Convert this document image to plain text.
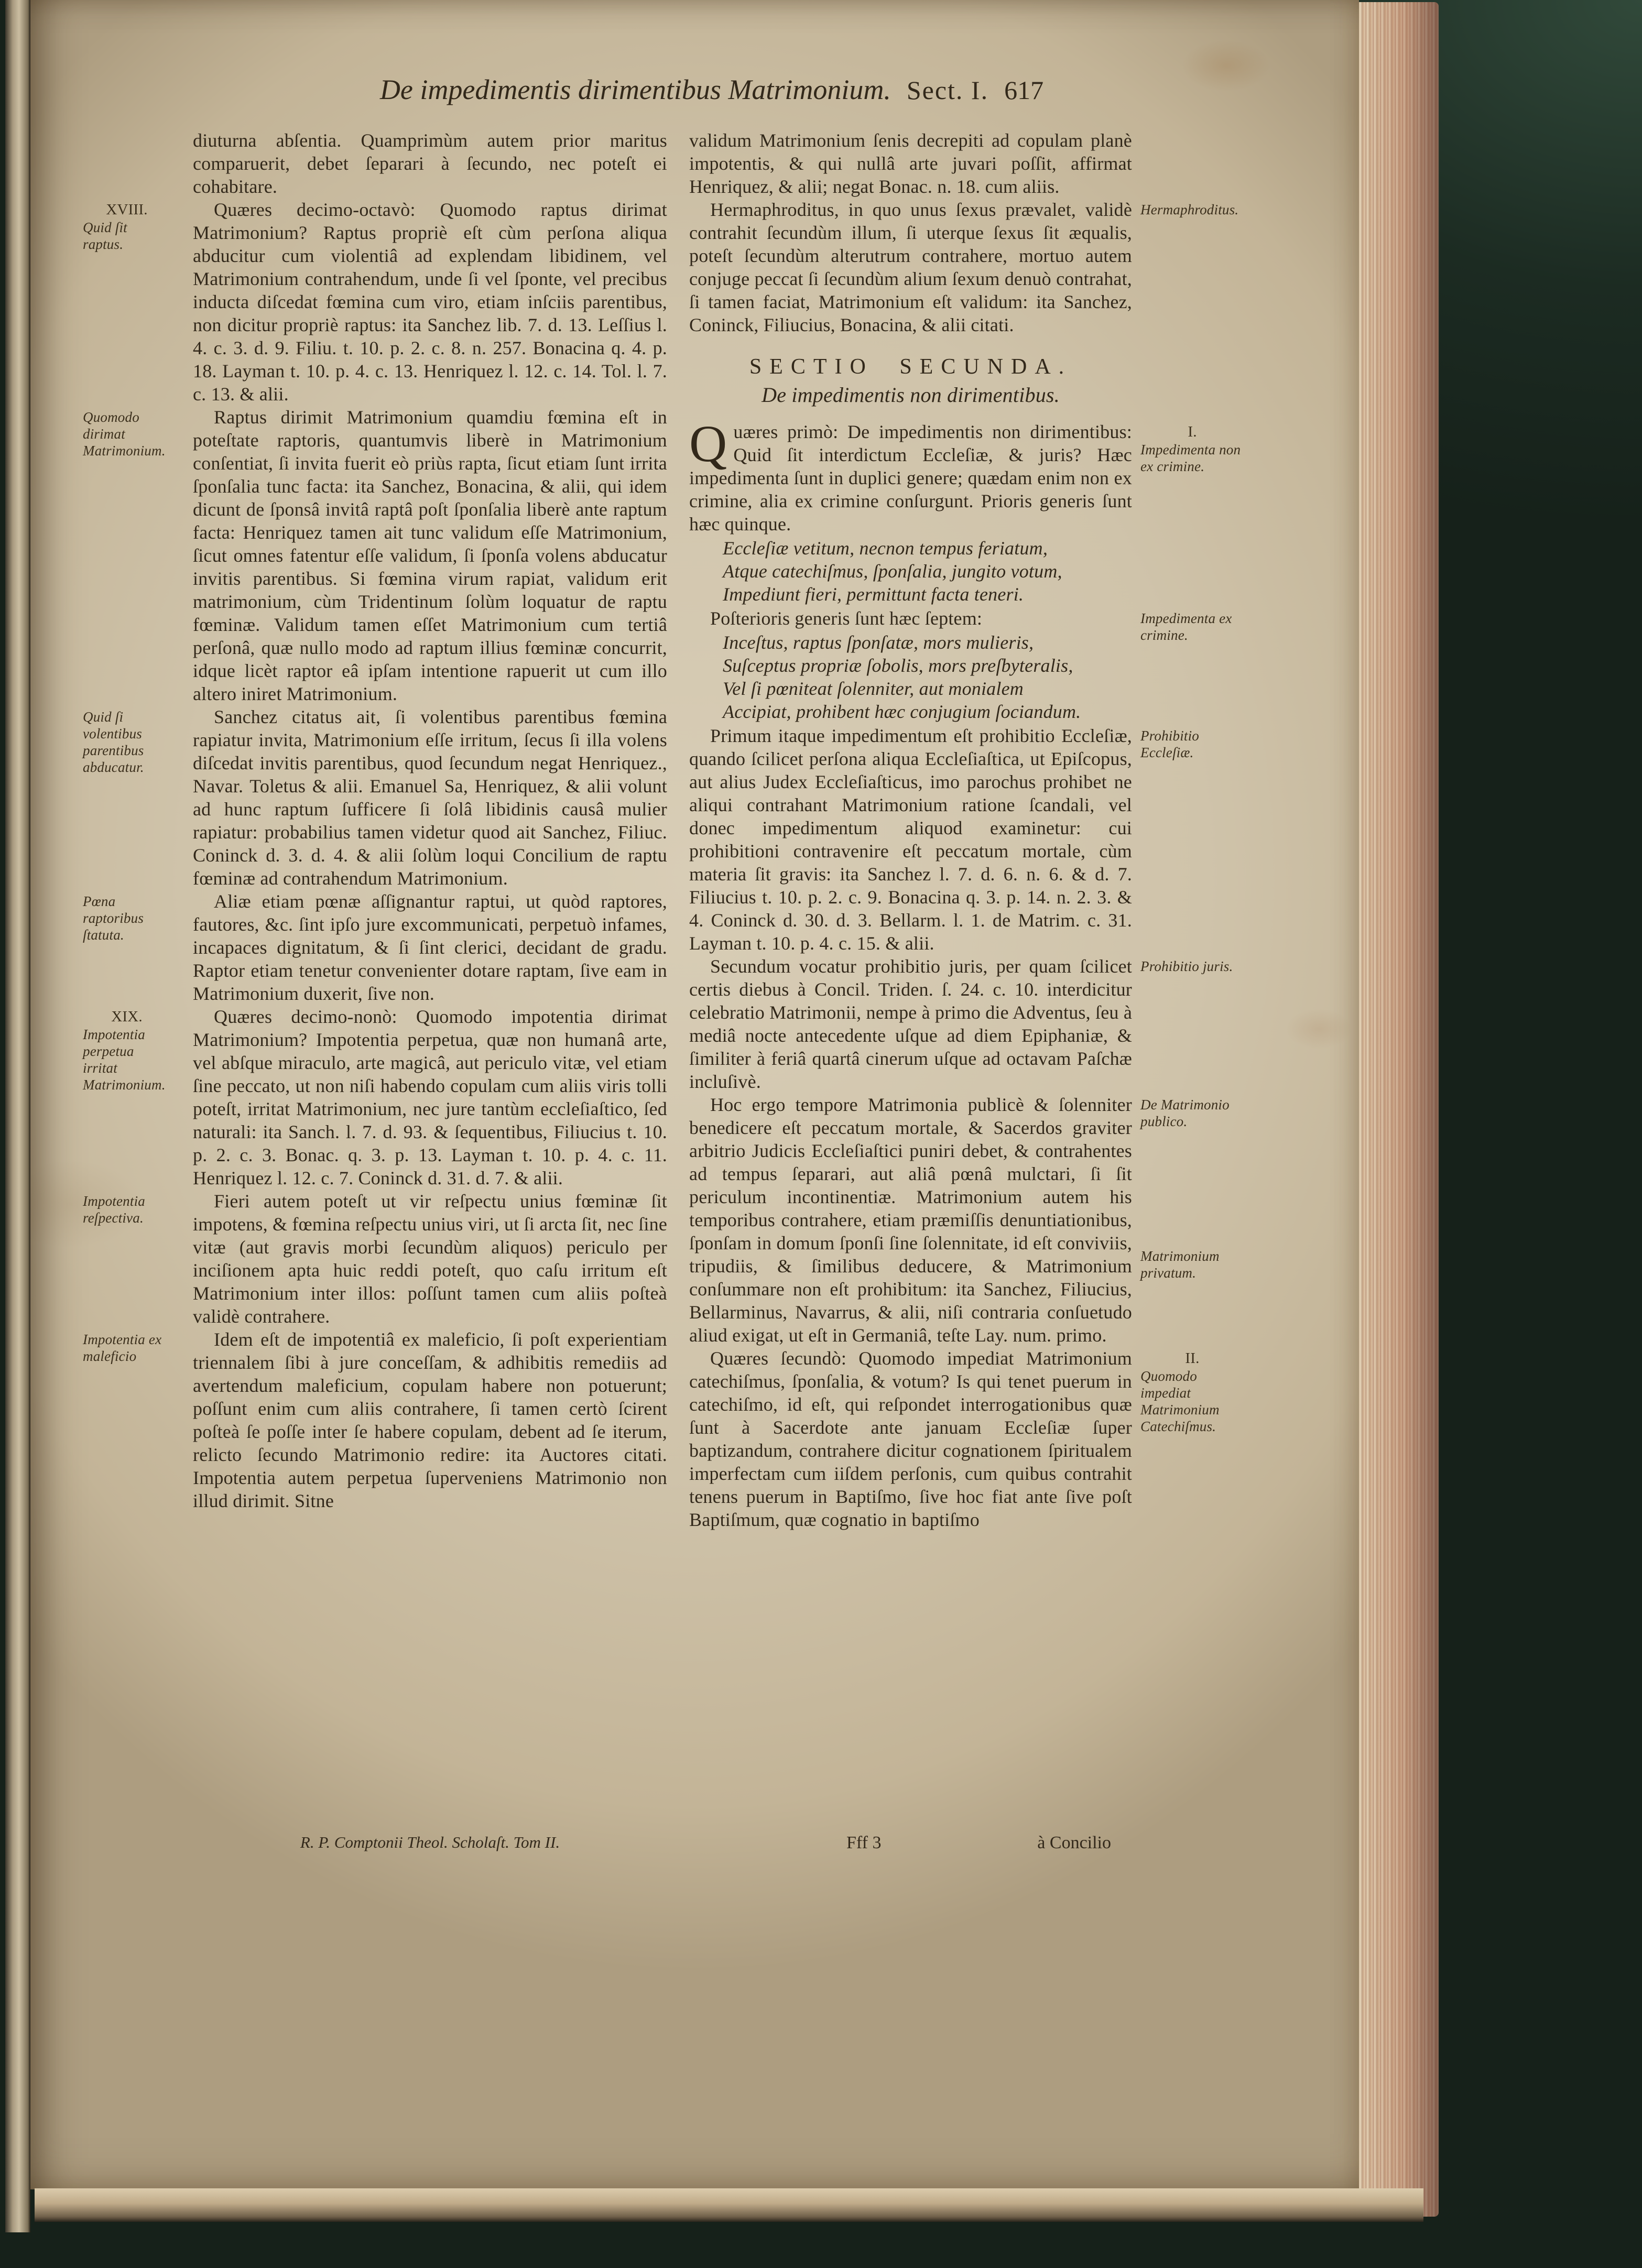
De impedimentis dirimentibus Matrimonium. Sect. I. 617

diuturna abſentia. Quamprimùm autem prior maritus comparuerit, debet ſeparari à ſecundo, nec poteſt ei cohabitare.

XVIII.
Quid ſit raptus.
Quæres decimo-octavò: Quomodo raptus dirimat Matrimonium? Raptus propriè eſt cùm perſona aliqua abducitur cum violentiâ ad explendam libidinem, vel Matrimonium contrahendum, unde ſi vel ſponte, vel precibus inducta diſcedat fœmina cum viro, etiam inſciis parentibus, non dicitur propriè raptus: ita Sanchez lib. 7. d. 13. Leſſius l. 4. c. 3. d. 9. Filiu. t. 10. p. 2. c. 8. n. 257. Bonacina q. 4. p. 18. Layman t. 10. p. 4. c. 13. Henriquez l. 12. c. 14. Tol. l. 7. c. 13. & alii.

Quomodo dirimat Matrimonium.
Raptus dirimit Matrimonium quamdiu fœmina eſt in poteſtate raptoris, quantumvis liberè in Matrimonium conſentiat, ſi invita fuerit eò priùs rapta, ſicut etiam ſunt irrita ſponſalia tunc facta: ita Sanchez, Bonacina, & alii, qui idem dicunt de ſponsâ invitâ raptâ poſt ſponſalia liberè ante raptum facta: Henriquez tamen ait tunc validum eſſe Matrimonium, ſicut omnes fatentur eſſe validum, ſi ſponſa volens abducatur invitis parentibus. Si fœmina virum rapiat, validum erit matrimonium, cùm Tridentinum ſolùm loquatur de raptu fœminæ. Validum tamen eſſet Matrimonium cum tertiâ perſonâ, quæ nullo modo ad raptum illius fœminæ concurrit, idque licèt raptor eâ ipſam intentione rapuerit ut cum illo altero iniret Matrimonium.

Quid ſi volentibus parentibus abducatur.
Sanchez citatus ait, ſi volentibus parentibus fœmina rapiatur invita, Matrimonium eſſe irritum, ſecus ſi illa volens diſcedat invitis parentibus, quod ſecundum negat Henriquez., Navar. Toletus & alii. Emanuel Sa, Henriquez, & alii volunt ad hunc raptum ſufficere ſi ſolâ libidinis causâ mulier rapiatur: probabilius tamen videtur quod ait Sanchez, Filiuc. Coninck d. 3. d. 4. & alii ſolùm loqui Concilium de raptu fœminæ ad contrahendum Matrimonium.

Pœna raptoribus ſtatuta.
Aliæ etiam pœnæ aſſignantur raptui, ut quòd raptores, fautores, &c. ſint ipſo jure excommunicati, perpetuò infames, incapaces dignitatum, & ſi ſint clerici, decidant de gradu. Raptor etiam tenetur convenienter dotare raptam, ſive eam in Matrimonium duxerit, ſive non.

XIX.
Impotentia perpetua irritat Matrimonium.
Quæres decimo-nonò: Quomodo impotentia dirimat Matrimonium? Impotentia perpetua, quæ non humanâ arte, vel abſque miraculo, arte magicâ, aut periculo vitæ, vel etiam ſine peccato, ut non niſi habendo copulam cum aliis viris tolli poteſt, irritat Matrimonium, nec jure tantùm eccleſiaſtico, ſed naturali: ita Sanch. l. 7. d. 93. & ſequentibus, Filiucius t. 10. p. 2. c. 3. Bonac. q. 3. p. 13. Layman t. 10. p. 4. c. 11. Henriquez l. 12. c. 7. Coninck d. 31. d. 7. & alii.

Impotentia reſpectiva.
Fieri autem poteſt ut vir reſpectu unius fœminæ ſit impotens, & fœmina reſpectu unius viri, ut ſi arcta ſit, nec ſine vitæ (aut gravis morbi ſecundùm aliquos) periculo per inciſionem apta huic reddi poteſt, quo caſu irritum eſt Matrimonium inter illos: poſſunt tamen cum aliis poſteà validè contrahere.

Impotentia ex maleficio
Idem eſt de impotentiâ ex maleficio, ſi poſt experientiam triennalem ſibi à jure conceſſam, & adhibitis remediis ad avertendum maleficium, copulam habere non potuerunt; poſſunt enim cum aliis contrahere, ſi tamen certò ſcirent poſteà ſe poſſe inter ſe habere copulam, debent ad ſe iterum, relicto ſecundo Matrimonio redire: ita Auctores citati. Impotentia autem perpetua ſuperveniens Matrimonio non illud dirimit. Sitne

validum Matrimonium ſenis decrepiti ad copulam planè impotentis, & qui nullâ arte juvari poſſit, affirmat Henriquez, & alii; negat Bonac. n. 18. cum aliis.

Hermaphroditus.
Hermaphroditus, in quo unus ſexus prævalet, validè contrahit ſecundùm illum, ſi uterque ſexus ſit æqualis, poteſt ſecundùm alterutrum contrahere, mortuo autem conjuge peccat ſi ſecundùm alium ſexum denuò contrahat, ſi tamen faciat, Matrimonium eſt validum: ita Sanchez, Coninck, Filiucius, Bonacina, & alii citati.

SECTIO SECUNDA.

De impedimentis non dirimentibus.

I.
Impedimenta non ex crimine.
Q uæres primò: De impedimentis non dirimentibus: Quid ſit interdictum Eccleſiæ, & juris? Hæc impedimenta ſunt in duplici genere; quædam enim non ex crimine, alia ex crimine conſurgunt. Prioris generis ſunt hæc quinque.

Eccleſiæ vetitum, necnon tempus feriatum,
Atque catechiſmus, ſponſalia, jungito votum,
Impediunt fieri, permittunt facta teneri.

Impedimenta ex crimine.
Poſterioris generis ſunt hæc ſeptem:

Inceſtus, raptus ſponſatæ, mors mulieris,
Suſceptus propriæ ſobolis, mors preſbyteralis,
Vel ſi pœniteat ſolenniter, aut monialem
Accipiat, prohibent hæc conjugium ſociandum.

Prohibitio Eccleſiæ.
Primum itaque impedimentum eſt prohibitio Eccleſiæ, quando ſcilicet perſona aliqua Eccleſiaſtica, ut Epiſcopus, aut alius Judex Eccleſiaſticus, imo parochus prohibet ne aliqui contrahant Matrimonium ratione ſcandali, vel donec impedimentum aliquod examinetur: cui prohibitioni contravenire eſt peccatum mortale, cùm materia ſit gravis: ita Sanchez l. 7. d. 6. n. 6. & d. 7. Filiucius t. 10. p. 2. c. 9. Bonacina q. 3. p. 14. n. 2. 3. & 4. Coninck d. 30. d. 3. Bellarm. l. 1. de Matrim. c. 31. Layman t. 10. p. 4. c. 15. & alii.

Prohibitio juris.
Secundum vocatur prohibitio juris, per quam ſcilicet certis diebus à Concil. Triden. ſ. 24. c. 10. interdicitur celebratio Matrimonii, nempe à primo die Adventus, ſeu à mediâ nocte antecedente uſque ad diem Epiphaniæ, & ſimiliter à feriâ quartâ cinerum uſque ad octavam Paſchæ incluſivè.

De Matrimonio publico.
Matrimonium privatum.
Hoc ergo tempore Matrimonia publicè & ſolenniter benedicere eſt peccatum mortale, & Sacerdos graviter arbitrio Judicis Eccleſiaſtici puniri debet, & contrahentes ad tempus ſeparari, aut aliâ pœnâ mulctari, ſi ſit periculum incontinentiæ. Matrimonium autem his temporibus contrahere, etiam præmiſſis denuntiationibus, ſponſam in domum ſponſi ſine ſolennitate, id eſt conviviis, tripudiis, & ſimilibus deducere, & Matrimonium conſummare non eſt prohibitum: ita Sanchez, Filiucius, Bellarminus, Navarrus, & alii, niſi contraria conſuetudo aliud exigat, ut eſt in Germaniâ, teſte Lay. num. primo.

II.
Quomodo impediat Matrimonium Catechiſmus.
Quæres ſecundò: Quomodo impediat Matrimonium catechiſmus, ſponſalia, & votum? Is qui tenet puerum in catechiſmo, id eſt, qui reſpondet interrogationibus quæ ſunt à Sacerdote ante januam Eccleſiæ ſuper baptizandum, contrahere dicitur cognationem ſpiritualem imperfectam cum iiſdem perſonis, cum quibus contrahit tenens puerum in Baptiſmo, ſive hoc fiat ante ſive poſt Baptiſmum, quæ cognatio in baptiſmo

R. P. Comptonii Theol. Scholaſt. Tom II.	Fff 3	à Concilio
